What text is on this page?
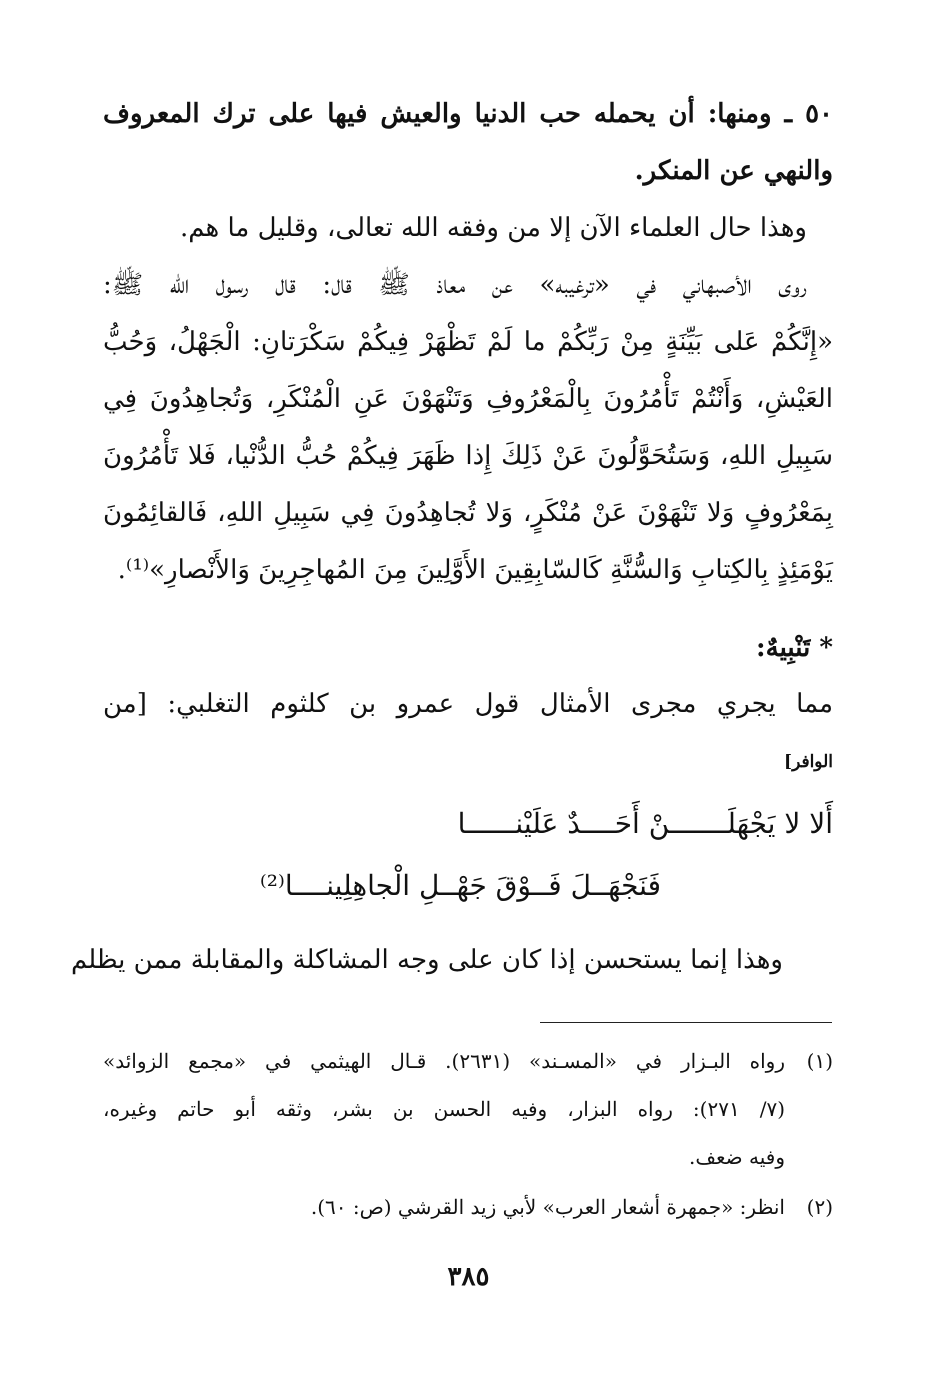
٥٠ ـ ومنها: أن يحمله حب الدنيا والعيش فيها على ترك المعروف
والنهي عن المنكر.
وهذا حال العلماء الآن إلا من وفقه الله تعالى، وقليل ما هم.
روى الأصبهاني في «ترغيبه» عن معاذ ﷺ قال: قال رسول الله ﷺ:
«إِنَّكُمْ عَلى بَيِّنَةٍ مِنْ رَبِّكُمْ ما لَمْ تَظْهَرْ فِيكُمْ سَكْرَتانِ: الْجَهْلُ، وَحُبُّ
العَيْشِ، وَأَنْتُمْ تَأْمُرُونَ بِالْمَعْرُوفِ وَتَنْهَوْنَ عَنِ الْمُنْكَرِ، وَتُجاهِدُونَ فِي
سَبِيلِ اللهِ، وَسَتُحَوَّلُونَ عَنْ ذَلِكَ إِذا ظَهَرَ فِيكُمْ حُبُّ الدُّنْيا، فَلا تَأْمُرُونَ
بِمَعْرُوفٍ وَلا تَنْهَوْنَ عَنْ مُنْكَرٍ، وَلا تُجاهِدُونَ فِي سَبِيلِ اللهِ، فَالقائِمُونَ
يَوْمَئِذٍ بِالكِتابِ وَالسُّنَّةِ كَالسّابِقِينَ الأَوَّلِينَ مِنَ المُهاجِرِينَ وَالأَنْصارِ»⁽¹⁾.
* تَنْبِيهٌ:
مما يجري مجرى الأمثال قول عمرو بن كلثوم التغلبي: [من
الوافر]
أَلا لا يَجْهَلَـــــــنْ أَحَــــدٌ عَلَيْنــــــا
فَنَجْهَــلَ فَــوْقَ جَهْــلِ الْجاهِلِينــــا⁽²⁾
وهذا إنما يستحسن إذا كان على وجه المشاكلة والمقابلة ممن يظلم
(١)
رواه البـزار في «المسـند» (٢٦٣١). قـال الهيثمي في «مجمع الزوائد»
(٧/ ٢٧١): رواه البزار، وفيه الحسن بن بشر، وثقه أبو حاتم وغيره،
وفيه ضعف.
(٢)
انظر: «جمهرة أشعار العرب» لأبي زيد القرشي (ص: ٦٠).
٣٨٥
